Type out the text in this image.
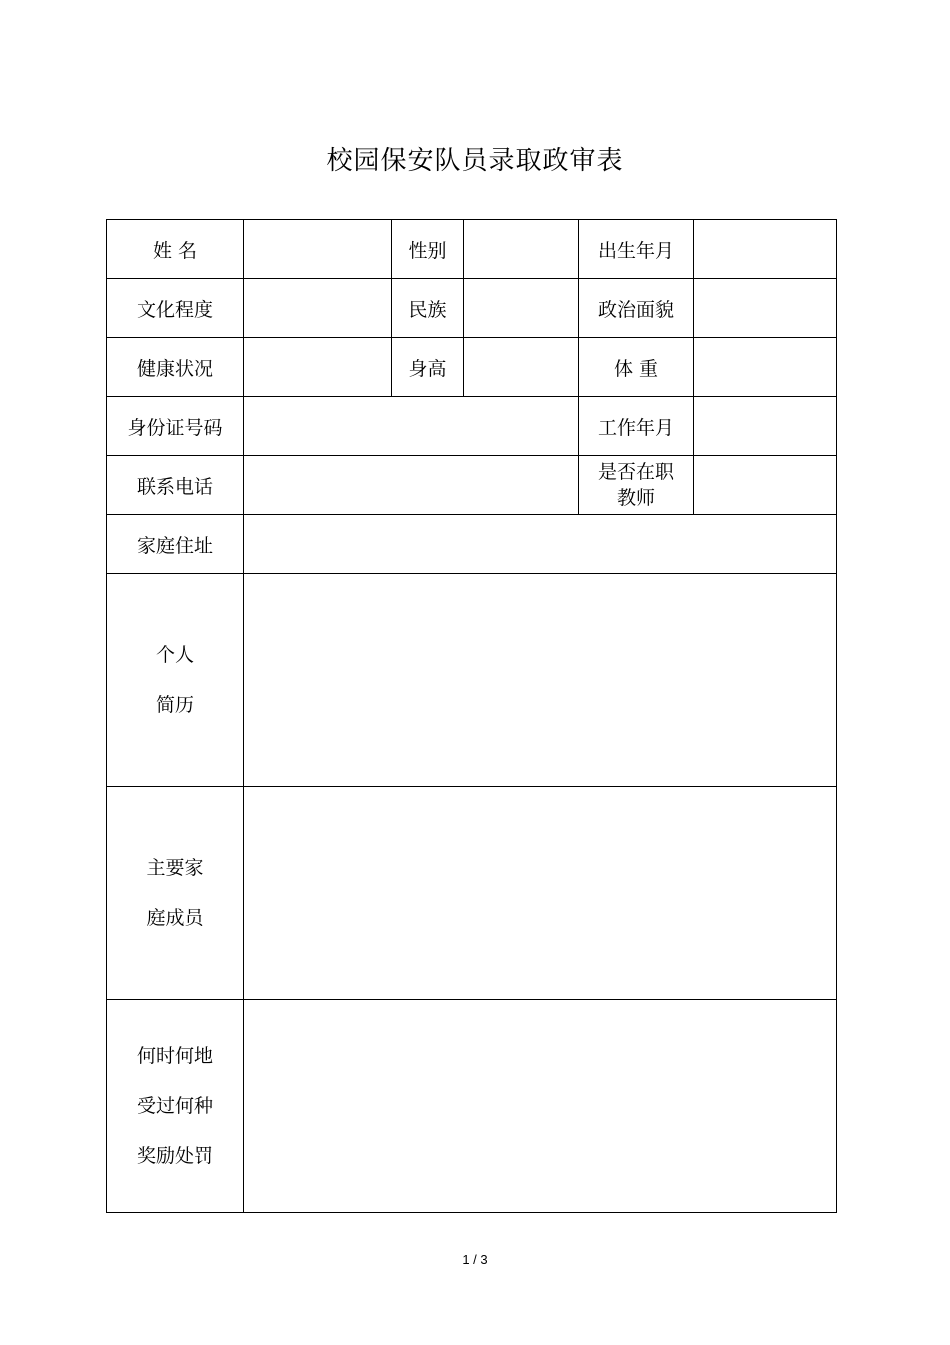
校园保安队员录取政审表
姓 名		性别		出生年月	
文化程度		民族		政治面貌	
健康状况		身高		体 重	
身份证号码				工作年月	
联系电话				是否在职
教师	

家庭住址					

个人
简历					

主要家
庭成员					

何时何地
受过何种
奖励处罚					

1 / 3
